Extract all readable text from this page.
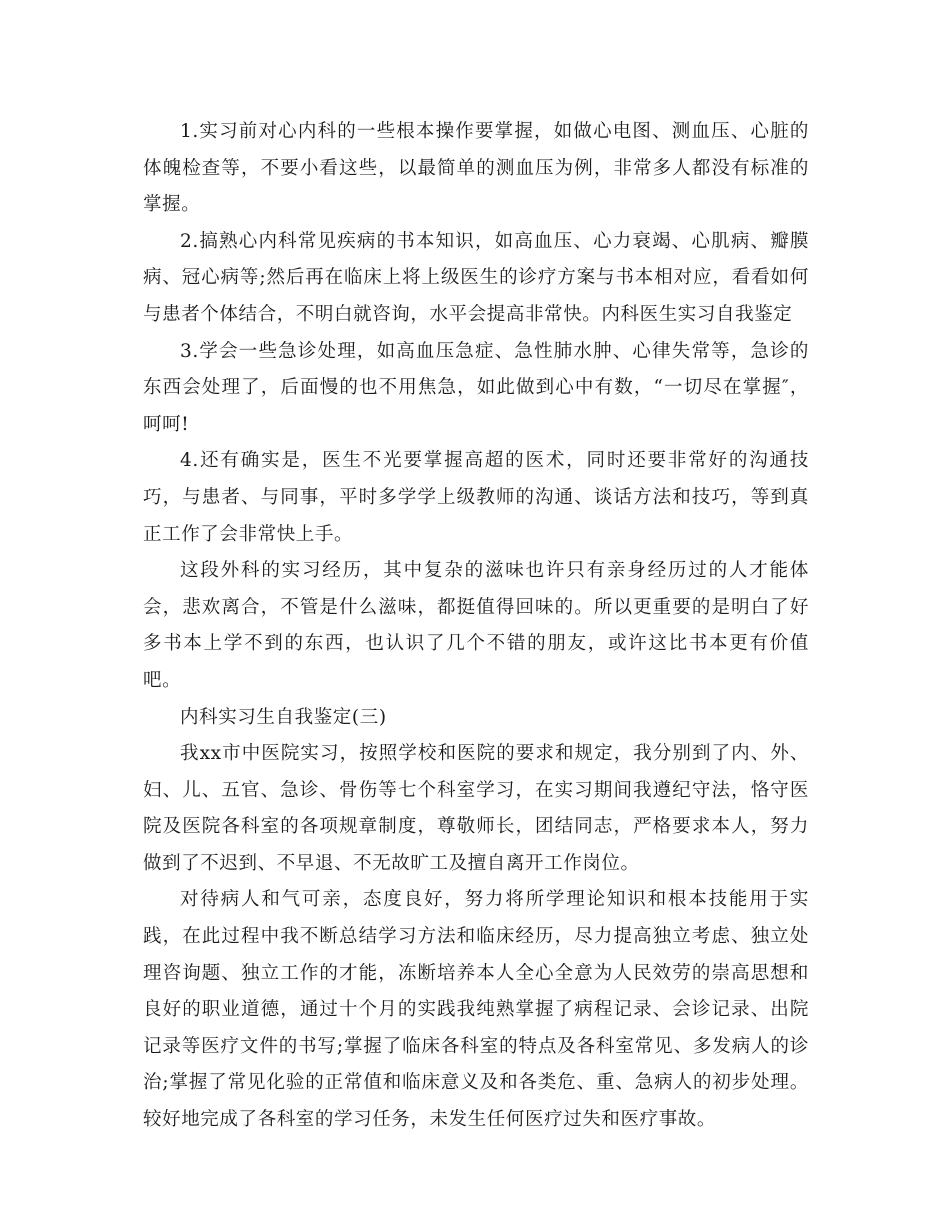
1.实习前对心内科的一些根本操作要掌握，如做心电图、测血压、心脏的体魄检查等，不要小看这些，以最简单的测血压为例，非常多人都没有标准的掌握。

2.搞熟心内科常见疾病的书本知识，如高血压、心力衰竭、心肌病、瓣膜病、冠心病等;然后再在临床上将上级医生的诊疗方案与书本相对应，看看如何与患者个体结合，不明白就咨询，水平会提高非常快。内科医生实习自我鉴定

3.学会一些急诊处理，如高血压急症、急性肺水肿、心律失常等，急诊的东西会处理了，后面慢的也不用焦急，如此做到心中有数，“一切尽在掌握″，呵呵!

4.还有确实是，医生不光要掌握高超的医术，同时还要非常好的沟通技巧，与患者、与同事，平时多学学上级教师的沟通、谈话方法和技巧，等到真正工作了会非常快上手。

这段外科的实习经历，其中复杂的滋味也许只有亲身经历过的人才能体会，悲欢离合，不管是什么滋味，都挺值得回味的。所以更重要的是明白了好多书本上学不到的东西，也认识了几个不错的朋友，或许这比书本更有价值吧。

内科实习生自我鉴定(三)

我xx市中医院实习，按照学校和医院的要求和规定，我分别到了内、外、妇、儿、五官、急诊、骨伤等七个科室学习，在实习期间我遵纪守法，恪守医院及医院各科室的各项规章制度，尊敬师长，团结同志，严格要求本人，努力做到了不迟到、不早退、不无故旷工及擅自离开工作岗位。

对待病人和气可亲，态度良好，努力将所学理论知识和根本技能用于实践，在此过程中我不断总结学习方法和临床经历，尽力提高独立考虑、独立处理咨询题、独立工作的才能，冻断培养本人全心全意为人民效劳的崇高思想和良好的职业道德，通过十个月的实践我纯熟掌握了病程记录、会诊记录、出院记录等医疗文件的书写;掌握了临床各科室的特点及各科室常见、多发病人的诊治;掌握了常见化验的正常值和临床意义及和各类危、重、急病人的初步处理。较好地完成了各科室的学习任务，未发生任何医疗过失和医疗事故。
